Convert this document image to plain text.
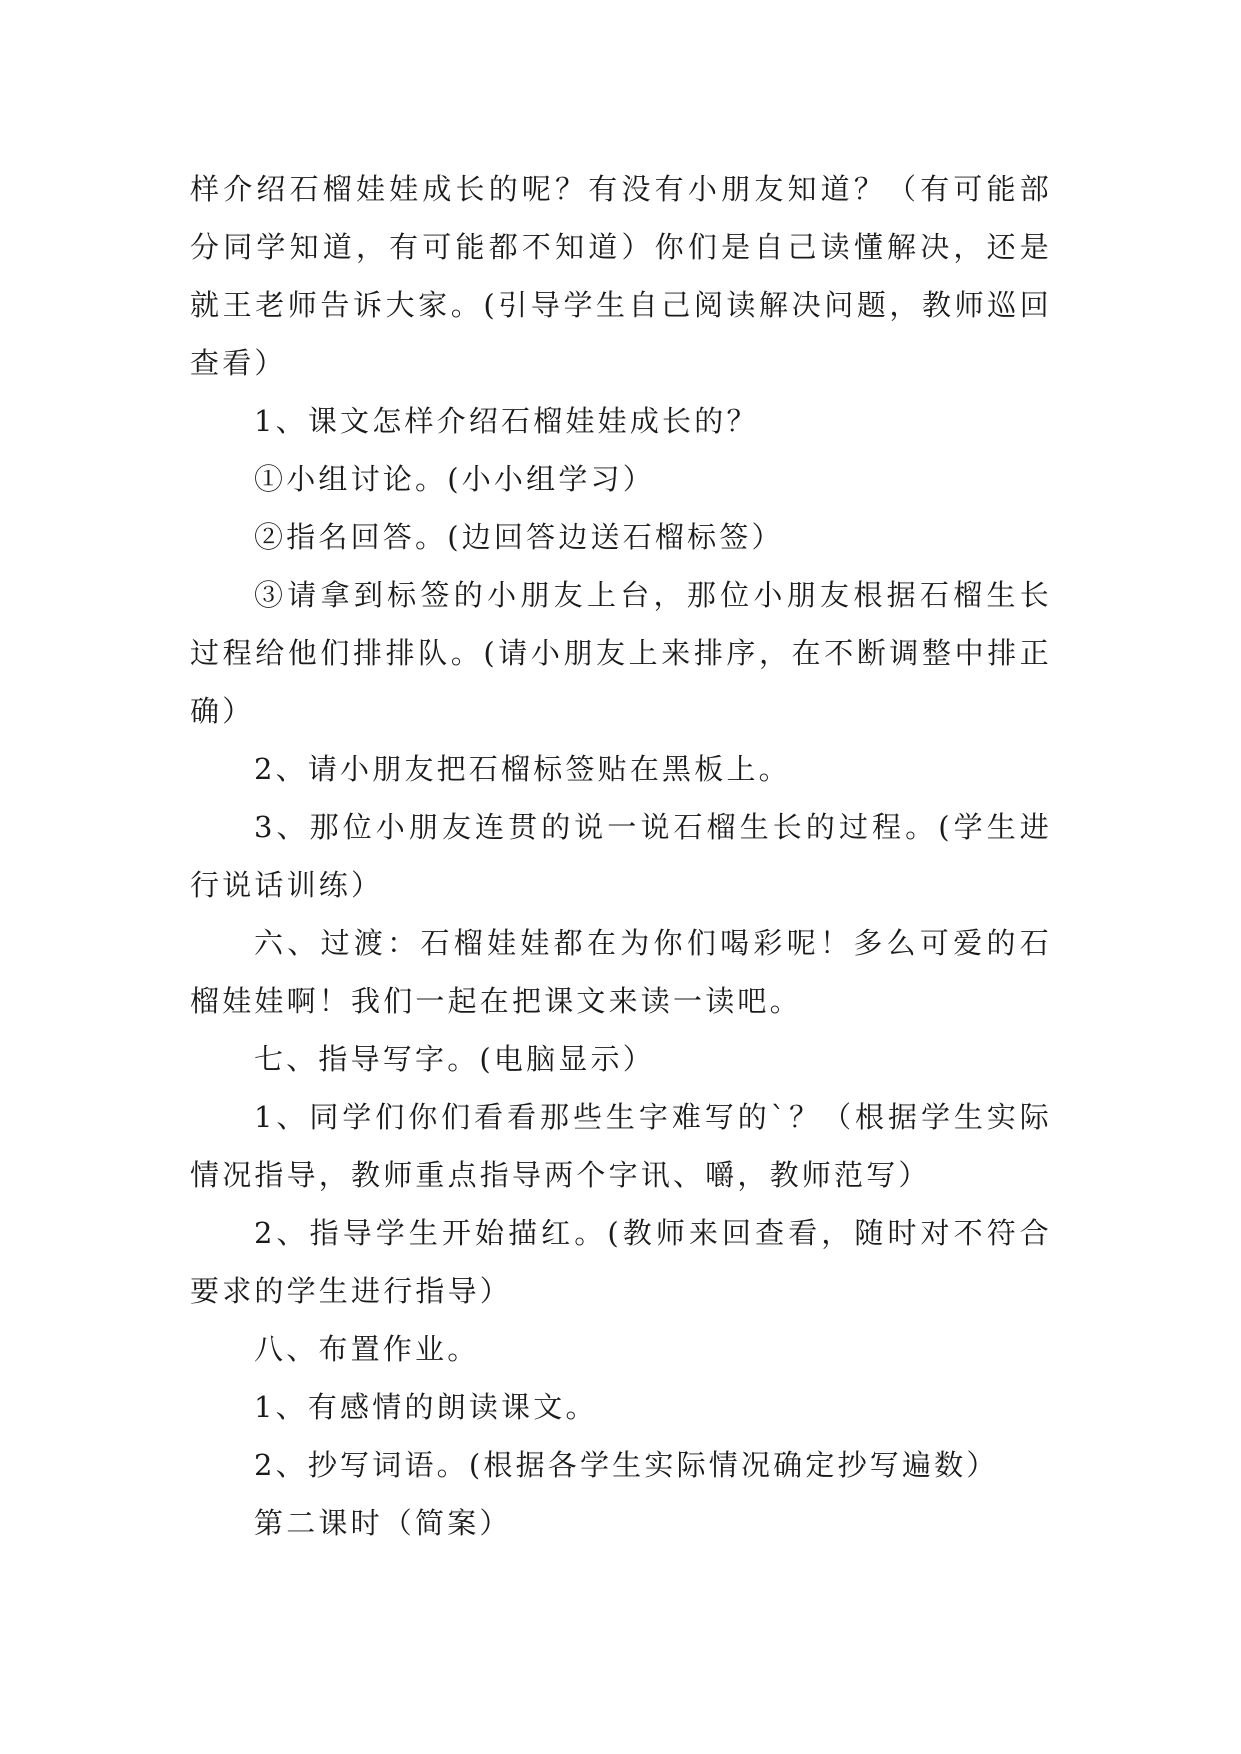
样介绍石榴娃娃成长的呢？有没有小朋友知道？（有可能部分同学知道，有可能都不知道）你们是自己读懂解决，还是就王老师告诉大家。(引导学生自己阅读解决问题，教师巡回查看）

1、课文怎样介绍石榴娃娃成长的？

①小组讨论。(小小组学习）

②指名回答。(边回答边送石榴标签）

③请拿到标签的小朋友上台，那位小朋友根据石榴生长过程给他们排排队。(请小朋友上来排序，在不断调整中排正确）

2、请小朋友把石榴标签贴在黑板上。

3、那位小朋友连贯的说一说石榴生长的过程。(学生进行说话训练）

六、过渡：石榴娃娃都在为你们喝彩呢！多么可爱的石榴娃娃啊！我们一起在把课文来读一读吧。

七、指导写字。(电脑显示）

1、同学们你们看看那些生字难写的`？（根据学生实际情况指导，教师重点指导两个字讯、嚼，教师范写）

2、指导学生开始描红。(教师来回查看，随时对不符合要求的学生进行指导）

八、布置作业。

1、有感情的朗读课文。

2、抄写词语。(根据各学生实际情况确定抄写遍数）

第二课时（简案）
